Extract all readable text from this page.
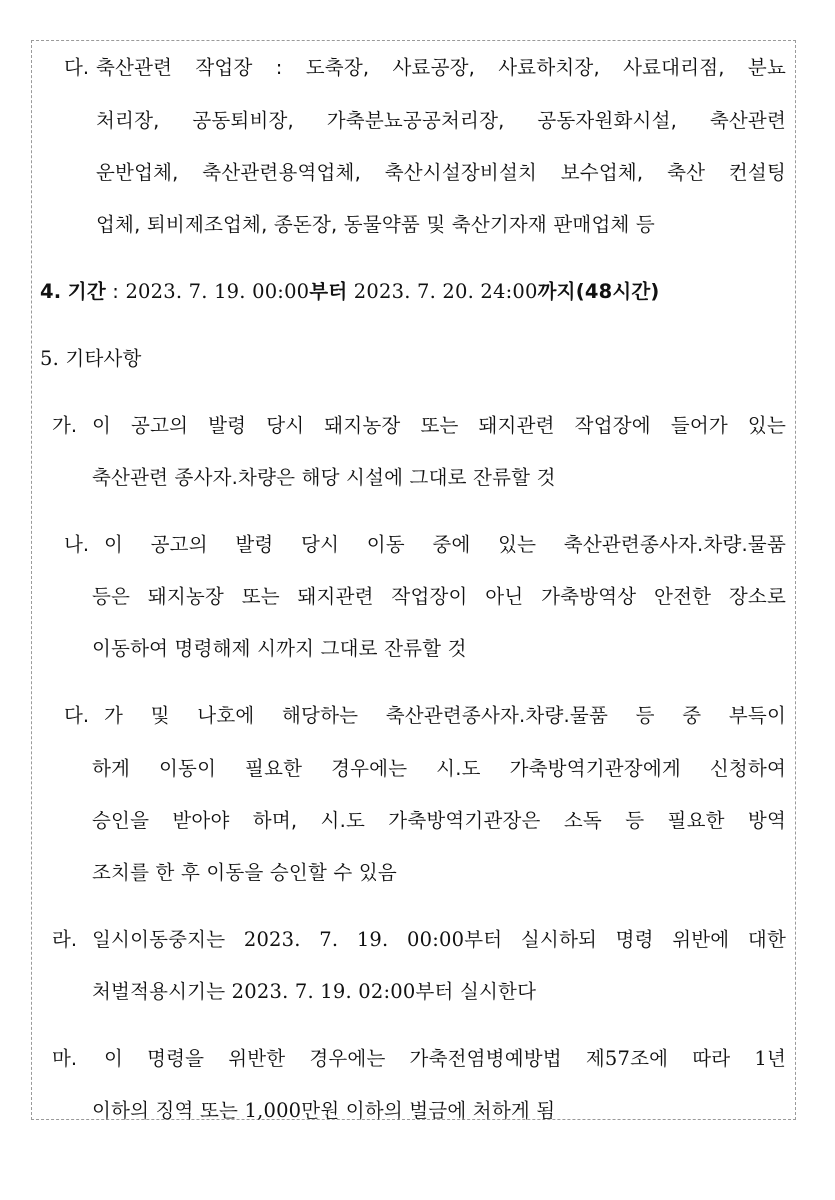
다. 축산관련 작업장 : 도축장, 사료공장, 사료하치장, 사료대리점, 분뇨
처리장, 공동퇴비장, 가축분뇨공공처리장, 공동자원화시설, 축산관련
운반업체, 축산관련용역업체, 축산시설장비설치 보수업체, 축산 컨설팅
업체, 퇴비제조업체, 종돈장, 동물약품 및 축산기자재 판매업체 등
4. 기간 : 2023. 7. 19. 00:00부터 2023. 7. 20. 24:00까지(48시간)
5. 기타사항
가. 이 공고의 발령 당시 돼지농장 또는 돼지관련 작업장에 들어가 있는
축산관련 종사자.차량은 해당 시설에 그대로 잔류할 것
나. 이 공고의 발령 당시 이동 중에 있는 축산관련종사자.차량.물품
등은 돼지농장 또는 돼지관련 작업장이 아닌 가축방역상 안전한 장소로
이동하여 명령해제 시까지 그대로 잔류할 것
다. 가 및 나호에 해당하는 축산관련종사자.차량.물품 등 중 부득이
하게 이동이 필요한 경우에는 시.도 가축방역기관장에게 신청하여
승인을 받아야 하며, 시.도 가축방역기관장은 소독 등 필요한 방역
조치를 한 후 이동을 승인할 수 있음
라. 일시이동중지는 2023. 7. 19. 00:00부터 실시하되 명령 위반에 대한
처벌적용시기는 2023. 7. 19. 02:00부터 실시한다
마. 이 명령을 위반한 경우에는 가축전염병예방법 제57조에 따라 1년
이하의 징역 또는 1,000만원 이하의 벌금에 처하게 됨
